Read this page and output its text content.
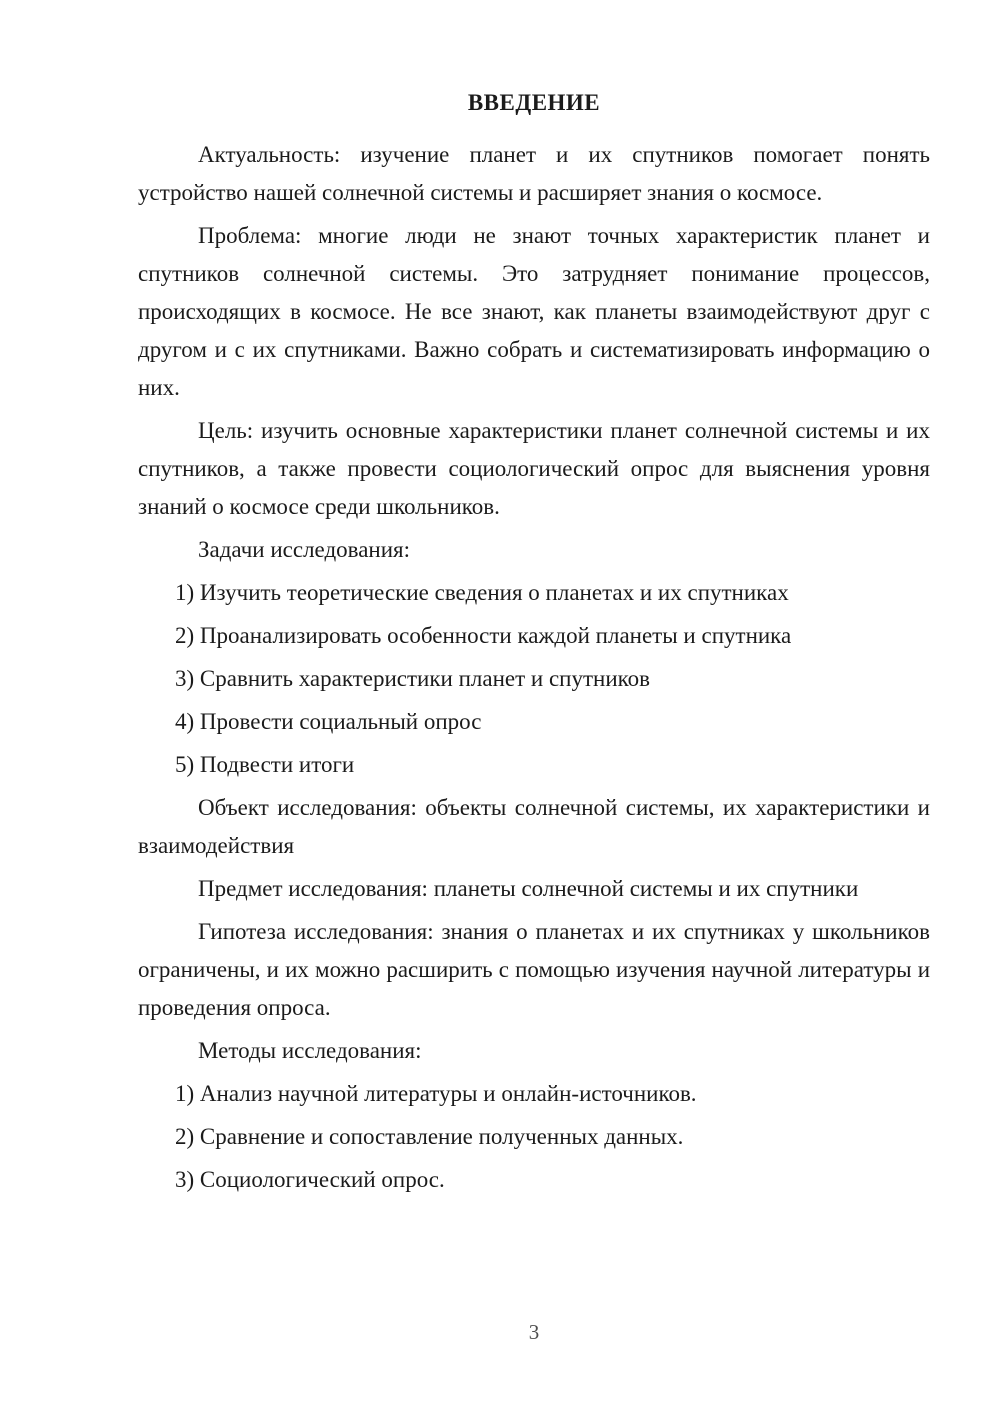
ВВЕДЕНИЕ

Актуальность: изучение планет и их спутников помогает понять устройство нашей солнечной системы и расширяет знания о космосе.

Проблема: многие люди не знают точных характеристик планет и спутников солнечной системы. Это затрудняет понимание процессов, происходящих в космосе. Не все знают, как планеты взаимодействуют друг с другом и с их спутниками. Важно собрать и систематизировать информацию о них.

Цель: изучить основные характеристики планет солнечной системы и их спутников, а также провести социологический опрос для выяснения уровня знаний о космосе среди школьников.

Задачи исследования:

1) Изучить теоретические сведения о планетах и их спутниках

2) Проанализировать особенности каждой планеты и спутника

3) Сравнить характеристики планет и спутников

4) Провести социальный опрос

5) Подвести итоги

Объект исследования: объекты солнечной системы, их характеристики и взаимодействия

Предмет исследования: планеты солнечной системы и их спутники

Гипотеза исследования: знания о планетах и их спутниках у школьников ограничены, и их можно расширить с помощью изучения научной литературы и проведения опроса.

Методы исследования:

1) Анализ научной литературы и онлайн-источников.

2) Сравнение и сопоставление полученных данных.

3) Социологический опрос.

3
